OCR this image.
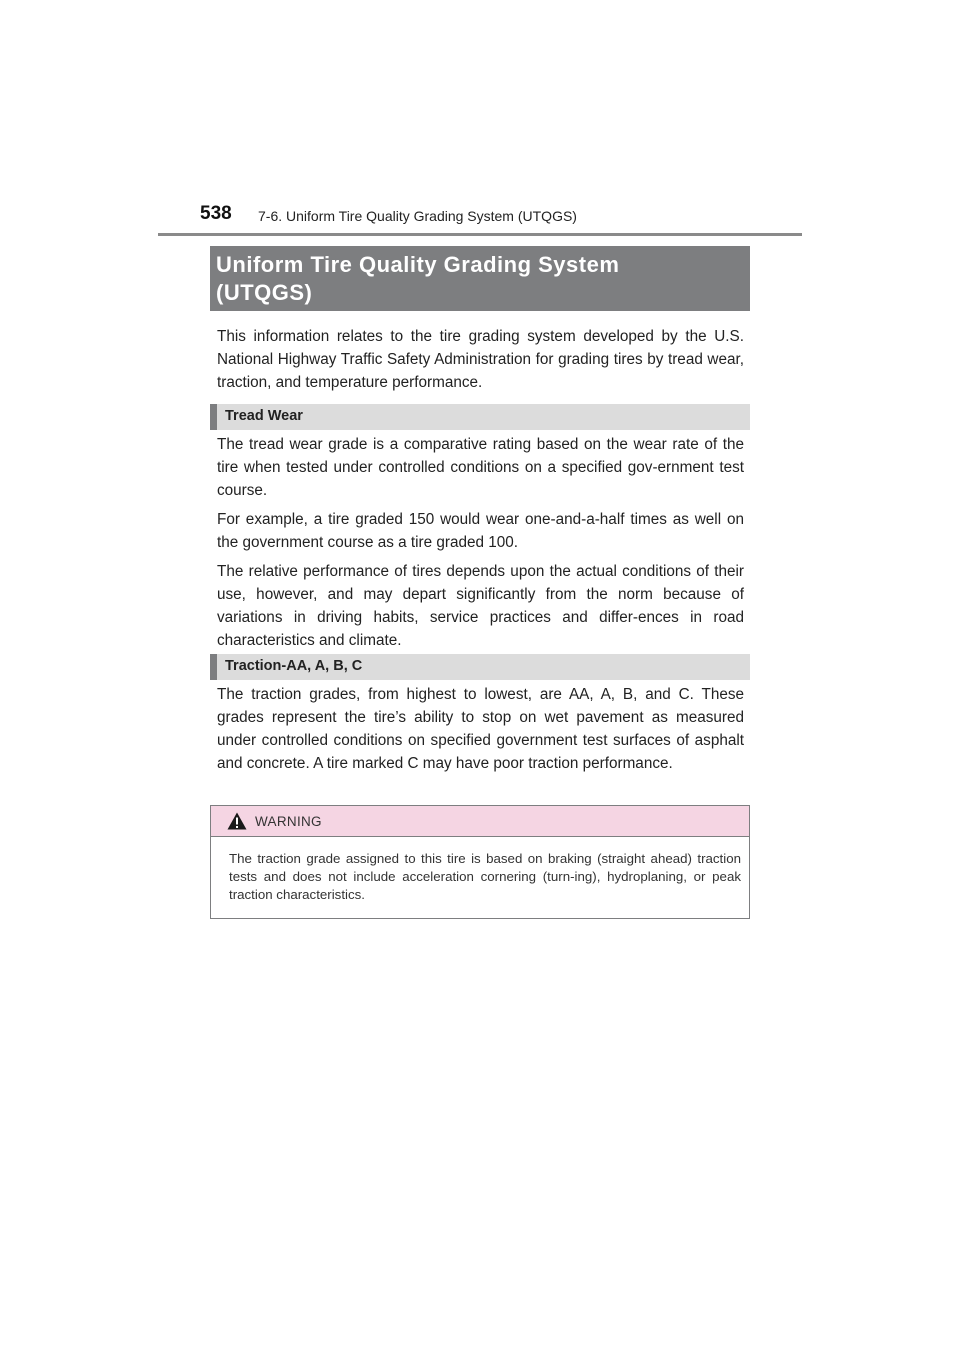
538 7-6. Uniform Tire Quality Grading System (UTQGS)
Uniform Tire Quality Grading System
(UTQGS)

This information relates to the tire grading system developed by the U.S. National Highway Traffic Safety Administration for grading tires by tread wear, traction, and temperature performance.

Tread Wear

The tread wear grade is a comparative rating based on the wear rate of the tire when tested under controlled conditions on a specified gov-ernment test course.

For example, a tire graded 150 would wear one-and-a-half times as well on the government course as a tire graded 100.

The relative performance of tires depends upon the actual conditions of their use, however, and may depart significantly from the norm because of variations in driving habits, service practices and differ-ences in road characteristics and climate.

Traction-AA, A, B, C

The traction grades, from highest to lowest, are AA, A, B, and C. These grades represent the tire’s ability to stop on wet pavement as measured under controlled conditions on specified government test surfaces of asphalt and concrete. A tire marked C may have poor traction performance.

WARNING
The traction grade assigned to this tire is based on braking (straight ahead) traction tests and does not include acceleration cornering (turn-ing), hydroplaning, or peak traction characteristics.
